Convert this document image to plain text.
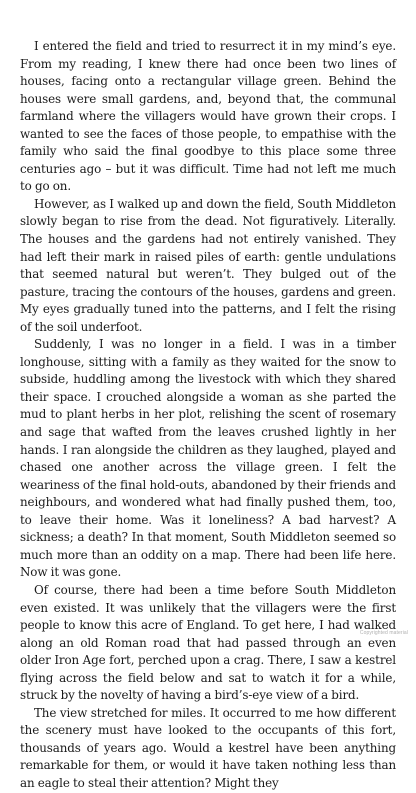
I entered the field and tried to resurrect it in my mind’s eye. From my reading, I knew there had once been two lines of houses, facing onto a rectangular village green. Behind the houses were small gardens, and, beyond that, the communal farmland where the villagers would have grown their crops. I wanted to see the faces of those people, to empathise with the family who said the final goodbye to this place some three centuries ago – but it was difficult. Time had not left me much to go on.

However, as I walked up and down the field, South Middleton slowly began to rise from the dead. Not figuratively. Literally. The houses and the gardens had not entirely vanished. They had left their mark in raised piles of earth: gentle undulations that seemed natural but weren’t. They bulged out of the pasture, tracing the contours of the houses, gardens and green. My eyes gradually tuned into the patterns, and I felt the rising of the soil underfoot.

Suddenly, I was no longer in a field. I was in a timber longhouse, sitting with a family as they waited for the snow to subside, huddling among the livestock with which they shared their space. I crouched alongside a woman as she parted the mud to plant herbs in her plot, relishing the scent of rosemary and sage that wafted from the leaves crushed lightly in her hands. I ran alongside the children as they laughed, played and chased one another across the village green. I felt the weariness of the final hold-outs, abandoned by their friends and neighbours, and wondered what had finally pushed them, too, to leave their home. Was it loneliness? A bad harvest? A sickness; a death? In that moment, South Middleton seemed so much more than an oddity on a map. There had been life here. Now it was gone.

Of course, there had been a time before South Middleton even existed. It was unlikely that the villagers were the first people to know this acre of England. To get here, I had walked along an old Roman road that had passed through an even older Iron Age fort, perched upon a crag. There, I saw a kestrel flying across the field below and sat to watch it for a while, struck by the novelty of having a bird’s-eye view of a bird.

The view stretched for miles. It occurred to me how different the scenery must have looked to the occupants of this fort, thousands of years ago. Would a kestrel have been anything remarkable for them, or would it have taken nothing less than an eagle to steal their attention? Might they

Copyrighted material
